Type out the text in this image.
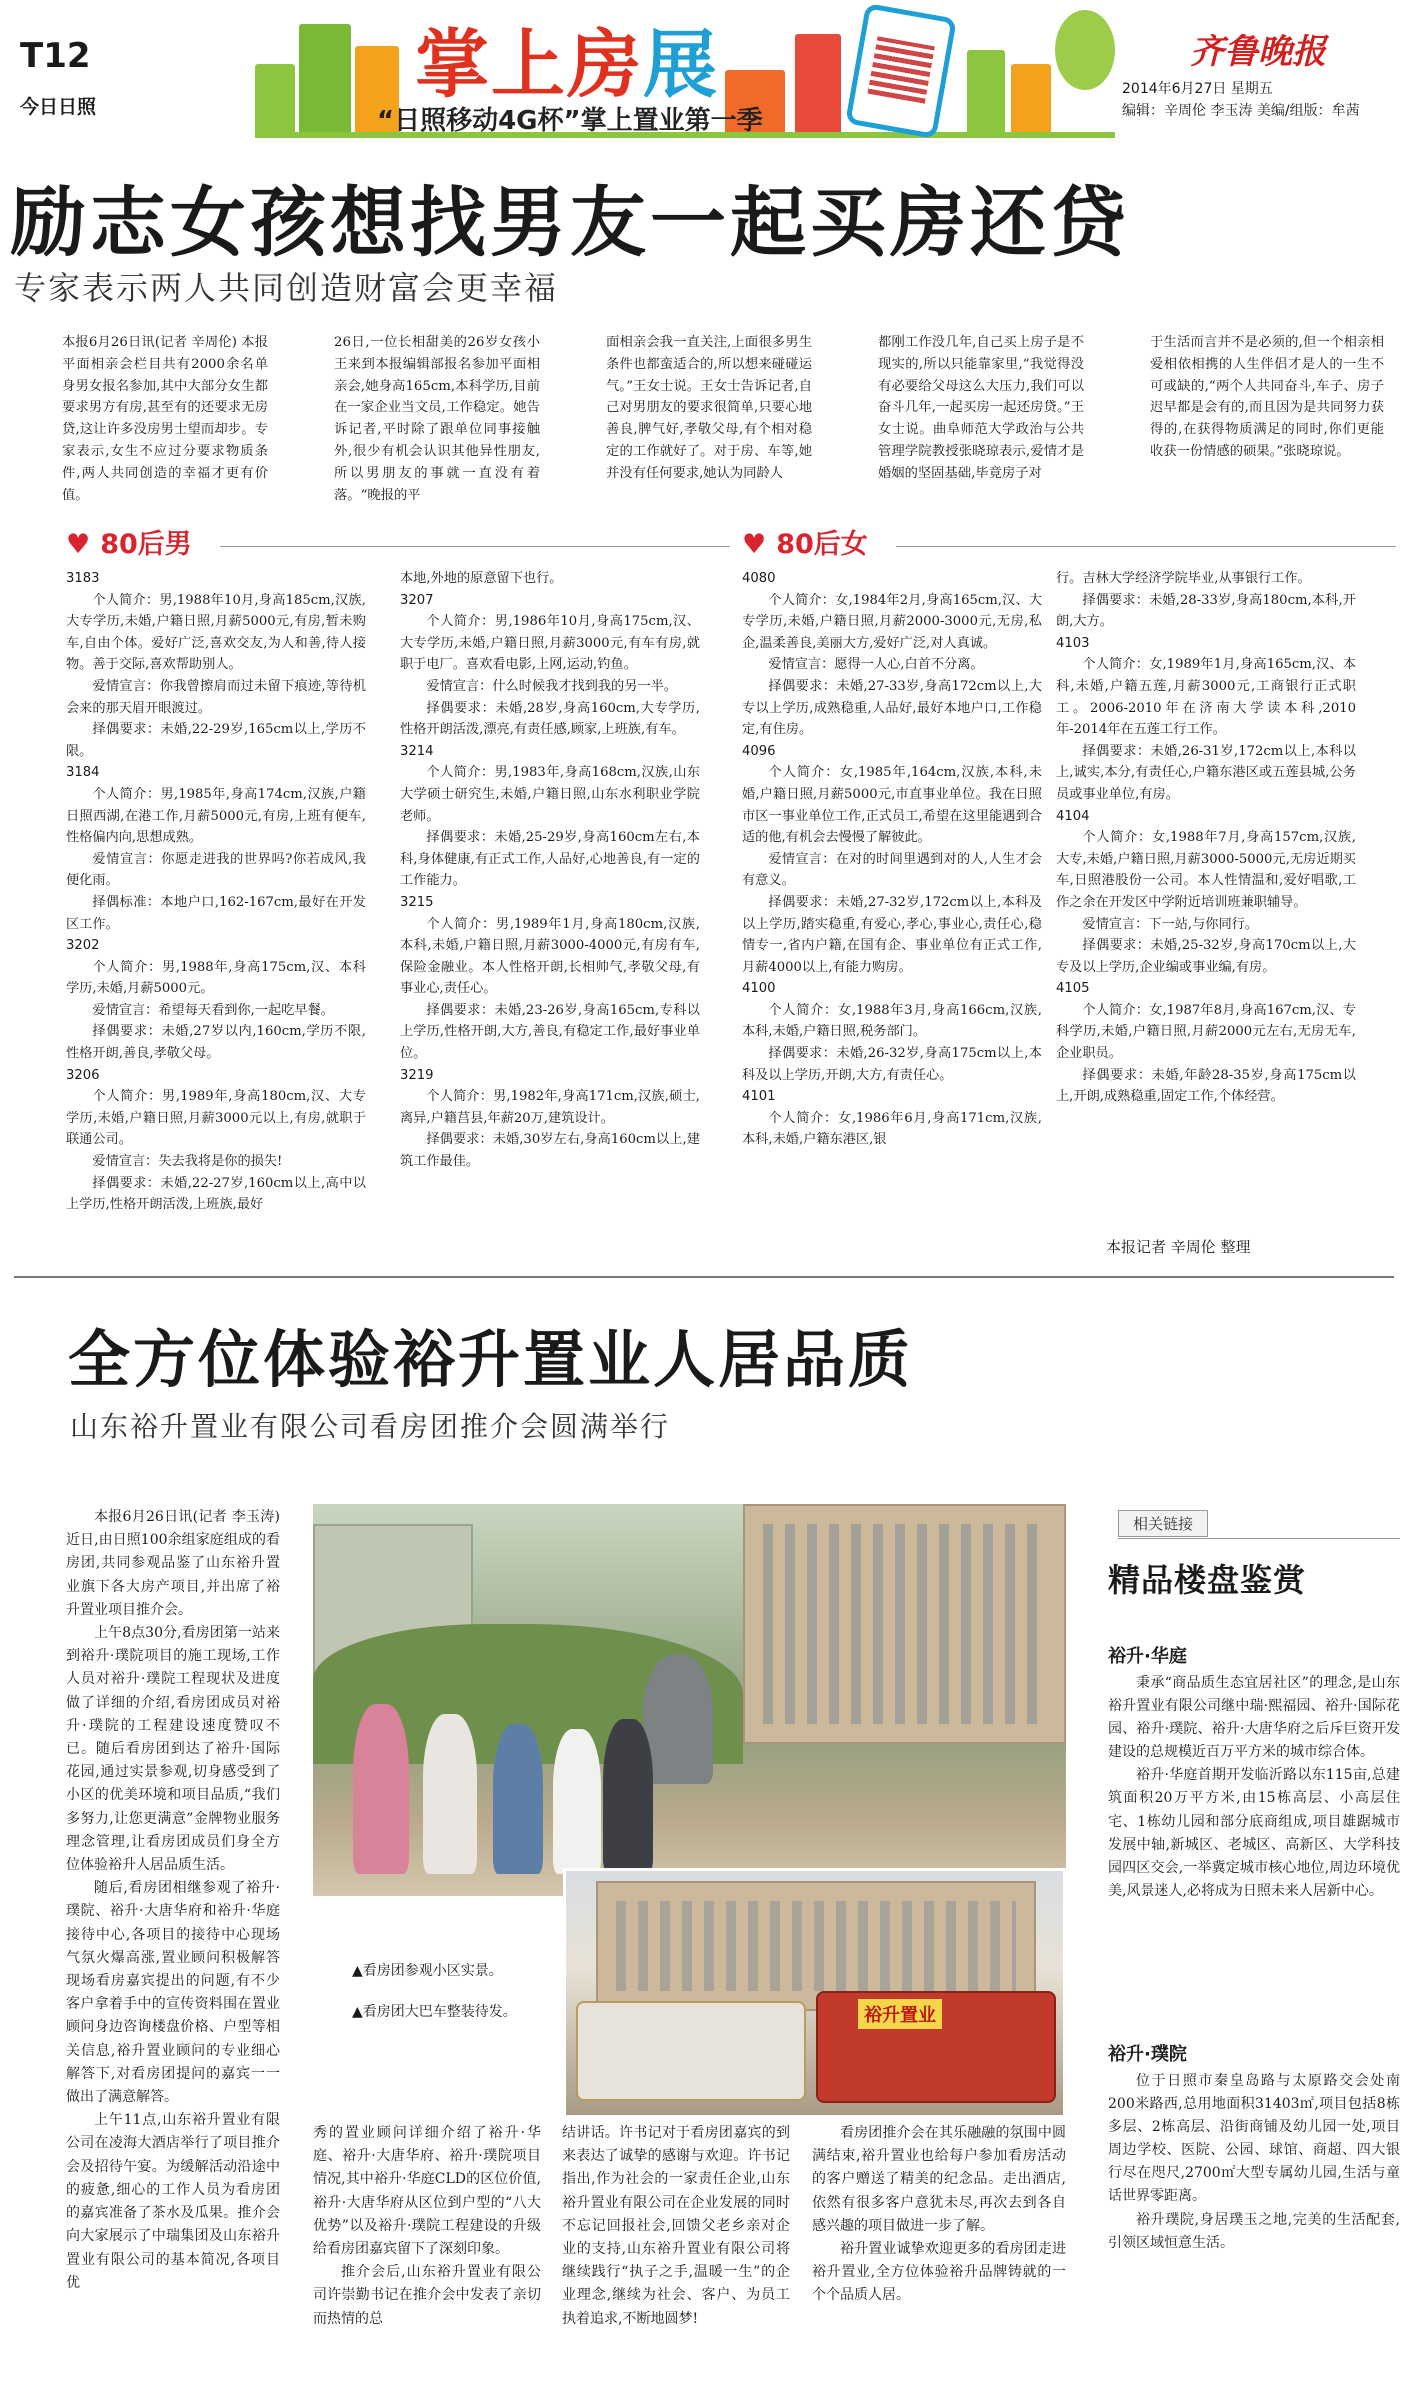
T12
今日日照	掌上房展
“日照移动4G杯”掌上置业第一季
齐鲁晚报
2014年6月27日 星期五
编辑：辛周伦 李玉涛 美编/组版：牟茜
励志女孩想找男友一起买房还贷
专家表示两人共同创造财富会更幸福
本报6月26日讯(记者 辛周伦) 本报平面相亲会栏目共有2000余名单身男女报名参加,其中大部分女生都要求男方有房,甚至有的还要求无房贷,这让许多没房男士望而却步。专家表示,女生不应过分要求物质条件,两人共同创造的幸福才更有价值。
26日,一位长相甜美的26岁女孩小王来到本报编辑部报名参加平面相亲会,她身高165cm,本科学历,目前在一家企业当文员,工作稳定。她告诉记者,平时除了跟单位同事接触外,很少有机会认识其他异性朋友,所以男朋友的事就一直没有着落。“晚报的平
面相亲会我一直关注,上面很多男生条件也都蛮适合的,所以想来碰碰运气。”王女士说。王女士告诉记者,自己对男朋友的要求很简单,只要心地善良,脾气好,孝敬父母,有个相对稳定的工作就好了。对于房、车等,她并没有任何要求,她认为同龄人
都刚工作没几年,自己买上房子是不现实的,所以只能靠家里,“我觉得没有必要给父母这么大压力,我们可以奋斗几年,一起买房一起还房贷。”王女士说。曲阜师范大学政治与公共管理学院教授张晓琼表示,爱情才是婚姻的坚固基础,毕竟房子对
于生活而言并不是必须的,但一个相亲相爱相依相携的人生伴侣才是人的一生不可或缺的,“两个人共同奋斗,车子、房子迟早都是会有的,而且因为是共同努力获得的,在获得物质满足的同时,你们更能收获一份情感的硕果。”张晓琼说。
♥ 80后男	♥ 80后女
3183
个人简介：男,1988年10月,身高185cm,汉族,大专学历,未婚,户籍日照,月薪5000元,有房,暂未购车,自由个体。爱好广泛,喜欢交友,为人和善,待人接物。善于交际,喜欢帮助别人。
爱情宣言：你我曾擦肩而过未留下痕迹,等待机会来的那天眉开眼渡过。
择偶要求：未婚,22-29岁,165cm以上,学历不限。
3184
个人简介：男,1985年,身高174cm,汉族,户籍日照西湖,在港工作,月薪5000元,有房,上班有便车,性格偏内向,思想成熟。
爱情宣言：你愿走进我的世界吗?你若成风,我便化雨。
择偶标准：本地户口,162-167cm,最好在开发区工作。
3202
个人简介：男,1988年,身高175cm,汉、本科学历,未婚,月薪5000元。
爱情宣言：希望每天看到你,一起吃早餐。
择偶要求：未婚,27岁以内,160cm,学历不限,性格开朗,善良,孝敬父母。
3206
个人简介：男,1989年,身高180cm,汉、大专学历,未婚,户籍日照,月薪3000元以上,有房,就职于联通公司。
爱情宣言：失去我将是你的损失!
择偶要求：未婚,22-27岁,160cm以上,高中以上学历,性格开朗活泼,上班族,最好
本地,外地的原意留下也行。
3207
个人简介：男,1986年10月,身高175cm,汉、大专学历,未婚,户籍日照,月薪3000元,有车有房,就职于电厂。喜欢看电影,上网,运动,钓鱼。
爱情宣言：什么时候我才找到我的另一半。
择偶要求：未婚,28岁,身高160cm,大专学历,性格开朗活泼,漂亮,有责任感,顾家,上班族,有车。
3214
个人简介：男,1983年,身高168cm,汉族,山东大学硕士研究生,未婚,户籍日照,山东水利职业学院老师。
择偶要求：未婚,25-29岁,身高160cm左右,本科,身体健康,有正式工作,人品好,心地善良,有一定的工作能力。
3215
个人简介：男,1989年1月,身高180cm,汉族,本科,未婚,户籍日照,月薪3000-4000元,有房有车,保险金融业。本人性格开朗,长相帅气,孝敬父母,有事业心,责任心。
择偶要求：未婚,23-26岁,身高165cm,专科以上学历,性格开朗,大方,善良,有稳定工作,最好事业单位。
3219
个人简介：男,1982年,身高171cm,汉族,硕士,离异,户籍莒县,年薪20万,建筑设计。
择偶要求：未婚,30岁左右,身高160cm以上,建筑工作最佳。
4080
个人简介：女,1984年2月,身高165cm,汉、大专学历,未婚,户籍日照,月薪2000-3000元,无房,私企,温柔善良,美丽大方,爱好广泛,对人真诚。
爱情宣言：愿得一人心,白首不分离。
择偶要求：未婚,27-33岁,身高172cm以上,大专以上学历,成熟稳重,人品好,最好本地户口,工作稳定,有住房。
4096
个人简介：女,1985年,164cm,汉族,本科,未婚,户籍日照,月薪5000元,市直事业单位。我在日照市区一事业单位工作,正式员工,希望在这里能遇到合适的他,有机会去慢慢了解彼此。
爱情宣言：在对的时间里遇到对的人,人生才会有意义。
择偶要求：未婚,27-32岁,172cm以上,本科及以上学历,踏实稳重,有爱心,孝心,事业心,责任心,稳情专一,省内户籍,在国有企、事业单位有正式工作,月薪4000以上,有能力购房。
4100
个人简介：女,1988年3月,身高166cm,汉族,本科,未婚,户籍日照,税务部门。
择偶要求：未婚,26-32岁,身高175cm以上,本科及以上学历,开朗,大方,有责任心。
4101
个人简介：女,1986年6月,身高171cm,汉族,本科,未婚,户籍东港区,银
行。吉林大学经济学院毕业,从事银行工作。
择偶要求：未婚,28-33岁,身高180cm,本科,开朗,大方。
4103
个人简介：女,1989年1月,身高165cm,汉、本科,未婚,户籍五莲,月薪3000元,工商银行正式职工。2006-2010年在济南大学读本科,2010年-2014年在五莲工行工作。
择偶要求：未婚,26-31岁,172cm以上,本科以上,诚实,本分,有责任心,户籍东港区或五莲县城,公务员或事业单位,有房。
4104
个人简介：女,1988年7月,身高157cm,汉族,大专,未婚,户籍日照,月薪3000-5000元,无房近期买车,日照港股份一公司。本人性情温和,爱好唱歌,工作之余在开发区中学附近培训班兼职辅导。
爱情宣言：下一站,与你同行。
择偶要求：未婚,25-32岁,身高170cm以上,大专及以上学历,企业编或事业编,有房。
4105
个人简介：女,1987年8月,身高167cm,汉、专科学历,未婚,户籍日照,月薪2000元左右,无房无车,企业职员。
择偶要求：未婚,年龄28-35岁,身高175cm以上,开朗,成熟稳重,固定工作,个体经营。
本报记者 辛周伦 整理
全方位体验裕升置业人居品质
山东裕升置业有限公司看房团推介会圆满举行
本报6月26日讯(记者 李玉涛) 近日,由日照100余组家庭组成的看房团,共同参观品鉴了山东裕升置业旗下各大房产项目,并出席了裕升置业项目推介会。
上午8点30分,看房团第一站来到裕升·璞院项目的施工现场,工作人员对裕升·璞院工程现状及进度做了详细的介绍,看房团成员对裕升·璞院的工程建设速度赞叹不已。随后看房团到达了裕升·国际花园,通过实景参观,切身感受到了小区的优美环境和项目品质,“我们多努力,让您更满意”金牌物业服务理念管理,让看房团成员们身全方位体验裕升人居品质生活。
随后,看房团相继参观了裕升·璞院、裕升·大唐华府和裕升·华庭接待中心,各项目的接待中心现场气氛火爆高涨,置业顾问积极解答现场看房嘉宾提出的问题,有不少客户拿着手中的宣传资料围在置业顾问身边咨询楼盘价格、户型等相关信息,裕升置业顾问的专业细心解答下,对看房团提问的嘉宾一一做出了满意解答。
上午11点,山东裕升置业有限公司在凌海大酒店举行了项目推介会及招待午宴。为缓解活动沿途中的疲惫,细心的工作人员为看房团的嘉宾准备了茶水及瓜果。推介会向大家展示了中瑞集团及山东裕升置业有限公司的基本简况,各项目优
秀的置业顾问详细介绍了裕升·华庭、裕升·大唐华府、裕升·璞院项目情况,其中裕升·华庭CLD的区位价值,裕升·大唐华府从区位到户型的“八大优势”以及裕升·璞院工程建设的升级给看房团嘉宾留下了深刻印象。
推介会后,山东裕升置业有限公司许崇勤书记在推介会中发表了亲切而热情的总
结讲话。许书记对于看房团嘉宾的到来表达了诚挚的感谢与欢迎。许书记指出,作为社会的一家责任企业,山东裕升置业有限公司在企业发展的同时不忘记回报社会,回馈父老乡亲对企业的支持,山东裕升置业有限公司将继续践行“执子之手,温暖一生”的企业理念,继续为社会、客户、为员工执着追求,不断地圆梦!
看房团推介会在其乐融融的氛围中圆满结束,裕升置业也给每户参加看房活动的客户赠送了精美的纪念品。走出酒店,依然有很多客户意犹未尽,再次去到各自感兴趣的项目做进一步了解。
裕升置业诚挚欢迎更多的看房团走进裕升置业,全方位体验裕升品牌铸就的一个个品质人居。
裕升置业
▲看房团参观小区实景。
▲看房团大巴车整装待发。
相关链接
精品楼盘鉴赏
裕升·华庭
秉承“商品质生态宜居社区”的理念,是山东裕升置业有限公司继中瑞·熙福园、裕升·国际花园、裕升·璞院、裕升·大唐华府之后斥巨资开发建设的总规模近百万平方米的城市综合体。
裕升·华庭首期开发临沂路以东115亩,总建筑面积20万平方米,由15栋高层、小高层住宅、1栋幼儿园和部分底商组成,项目雄踞城市发展中轴,新城区、老城区、高新区、大学科技园四区交会,一举冀定城市核心地位,周边环境优美,风景迷人,必将成为日照未来人居新中心。
裕升·璞院
位于日照市秦皇岛路与太原路交会处南200米路西,总用地面积31403㎡,项目包括8栋多层、2栋高层、沿街商铺及幼儿园一处,项目周边学校、医院、公园、球馆、商超、四大银行尽在咫尺,2700㎡大型专属幼儿园,生活与童话世界零距离。
裕升璞院,身居璞玉之地,完美的生活配套,引领区域恒意生活。
